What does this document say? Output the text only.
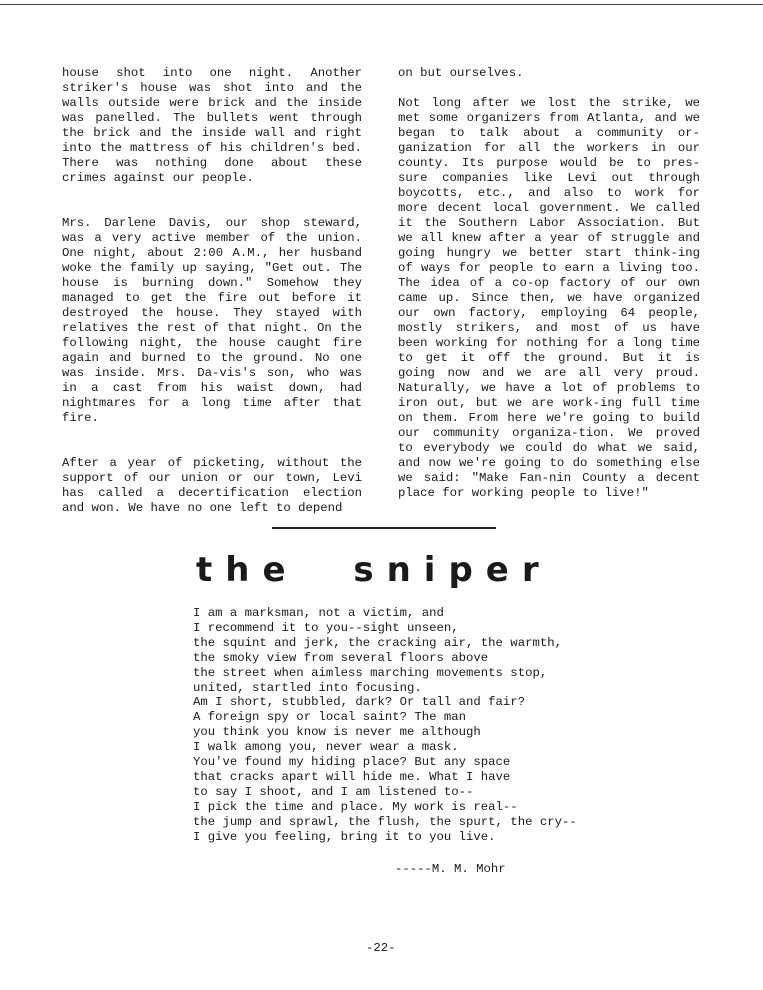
house shot into one night. Another striker's house was shot into and the walls outside were brick and the inside was panelled. The bullets went through the brick and the inside wall and right into the mattress of his children's bed. There was nothing done about these crimes against our people.

Mrs. Darlene Davis, our shop steward, was a very active member of the union. One night, about 2:00 A.M., her husband woke the family up saying, "Get out. The house is burning down." Somehow they managed to get the fire out before it destroyed the house. They stayed with relatives the rest of that night. On the following night, the house caught fire again and burned to the ground. No one was inside. Mrs. Da-vis's son, who was in a cast from his waist down, had nightmares for a long time after that fire.

After a year of picketing, without the support of our union or our town, Levi has called a decertification election and won. We have no one left to depend

on but ourselves.

Not long after we lost the strike, we met some organizers from Atlanta, and we began to talk about a community or-ganization for all the workers in our county. Its purpose would be to pres-sure companies like Levi out through boycotts, etc., and also to work for more decent local government. We called it the Southern Labor Association. But we all knew after a year of struggle and going hungry we better start think-ing of ways for people to earn a living too. The idea of a co-op factory of our own came up. Since then, we have organized our own factory, employing 64 people, mostly strikers, and most of us have been working for nothing for a long time to get it off the ground. But it is going now and we are all very proud. Naturally, we have a lot of problems to iron out, but we are work-ing full time on them. From here we're going to build our community organiza-tion. We proved to everybody we could do what we said, and now we're going to do something else we said: "Make Fan-nin County a decent place for working people to live!"

the sniper
I am a marksman, not a victim, and
I recommend it to you--sight unseen,
the squint and jerk, the cracking air, the warmth,
the smoky view from several floors above
the street when aimless marching movements stop,
united, startled into focusing.
Am I short, stubbled, dark? Or tall and fair?
A foreign spy or local saint? The man
you think you know is never me although
I walk among you, never wear a mask.
You've found my hiding place? But any space
that cracks apart will hide me. What I have
to say I shoot, and I am listened to--
I pick the time and place. My work is real--
the jump and sprawl, the flush, the spurt, the cry--
I give you feeling, bring it to you live.
-----M. M. Mohr
-22-
